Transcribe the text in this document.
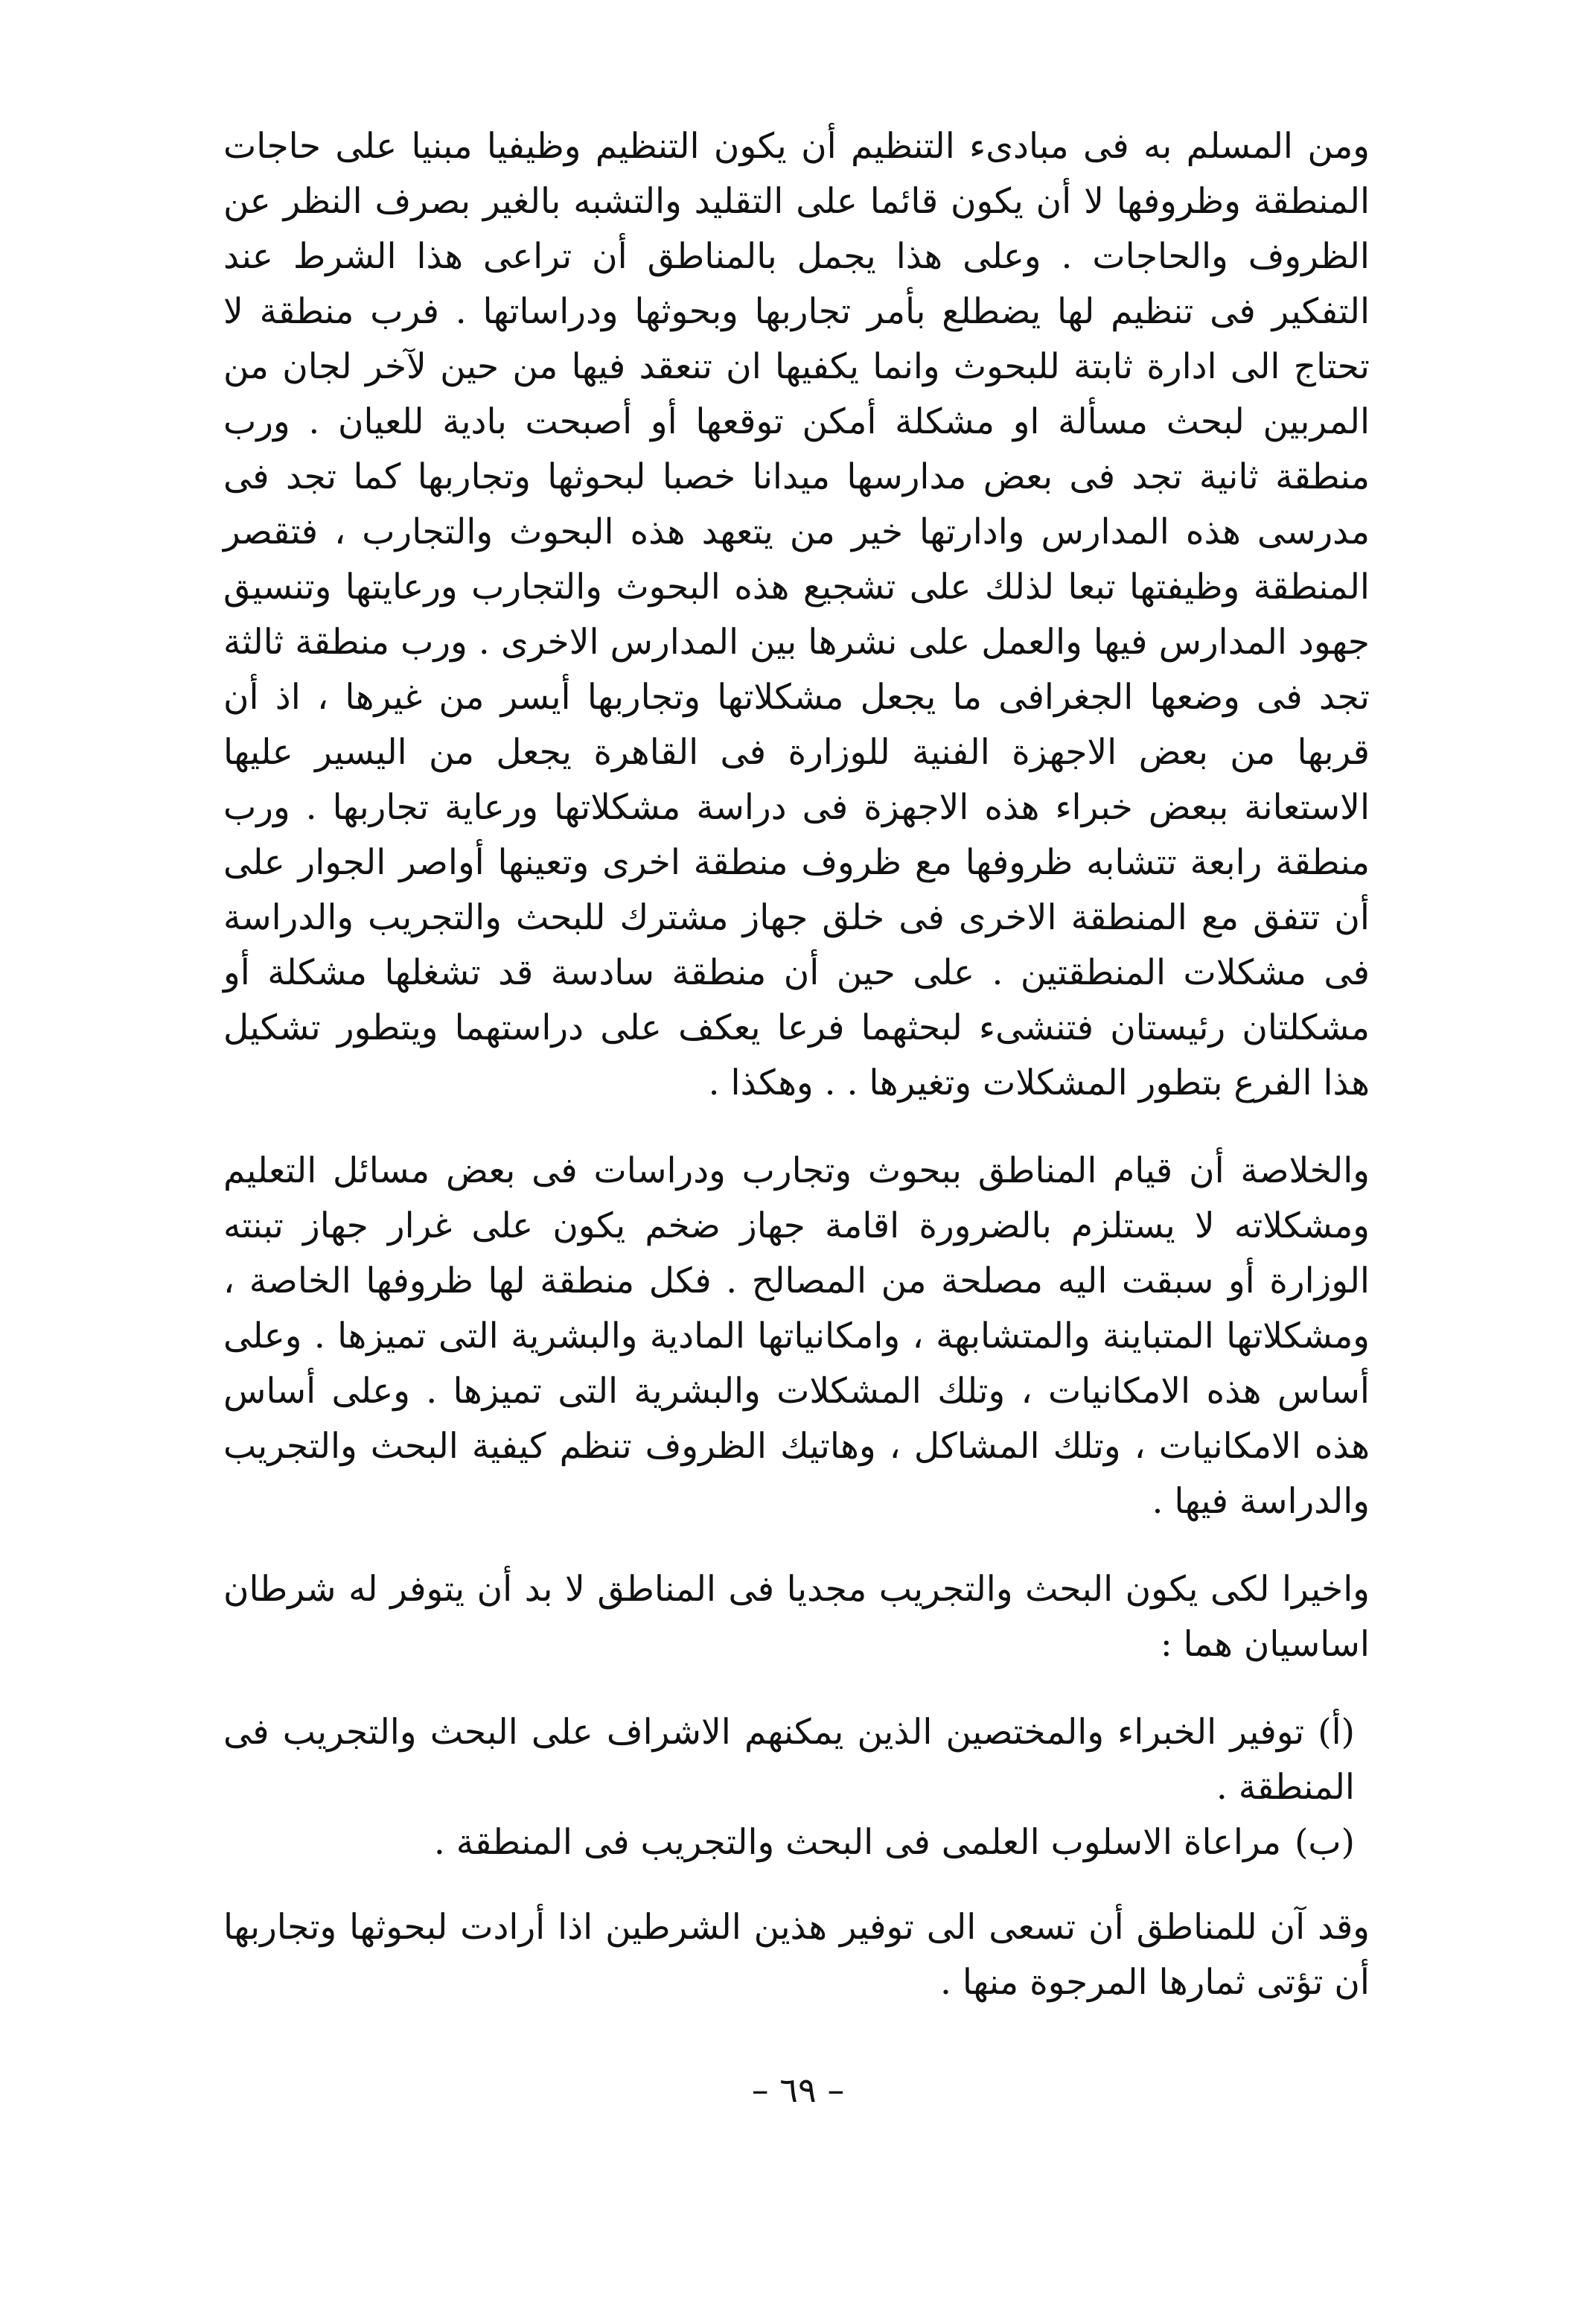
ومن المسلم به فى مبادىء التنظيم أن يكون التنظيم وظيفيا مبنيا على حاجات المنطقة وظروفها لا أن يكون قائما على التقليد والتشبه بالغير بصرف النظر عن الظروف والحاجات . وعلى هذا يجمل بالمناطق أن تراعى هذا الشرط عند التفكير فى تنظيم لها يضطلع بأمر تجاربها وبحوثها ودراساتها . فرب منطقة لا تحتاج الى ادارة ثابتة للبحوث وانما يكفيها ان تنعقد فيها من حين لآخر لجان من المربين لبحث مسألة او مشكلة أمكن توقعها أو أصبحت بادية للعيان . ورب منطقة ثانية تجد فى بعض مدارسها ميدانا خصبا لبحوثها وتجاربها كما تجد فى مدرسى هذه المدارس وادارتها خير من يتعهد هذه البحوث والتجارب ، فتقصر المنطقة وظيفتها تبعا لذلك على تشجيع هذه البحوث والتجارب ورعايتها وتنسيق جهود المدارس فيها والعمل على نشرها بين المدارس الاخرى . ورب منطقة ثالثة تجد فى وضعها الجغرافى ما يجعل مشكلاتها وتجاربها أيسر من غيرها ، اذ أن قربها من بعض الاجهزة الفنية للوزارة فى القاهرة يجعل من اليسير عليها الاستعانة ببعض خبراء هذه الاجهزة فى دراسة مشكلاتها ورعاية تجاربها . ورب منطقة رابعة تتشابه ظروفها مع ظروف منطقة اخرى وتعينها أواصر الجوار على أن تتفق مع المنطقة الاخرى فى خلق جهاز مشترك للبحث والتجريب والدراسة فى مشكلات المنطقتين . على حين أن منطقة سادسة قد تشغلها مشكلة أو مشكلتان رئيستان فتنشىء لبحثهما فرعا يعكف على دراستهما ويتطور تشكيل هذا الفرع بتطور المشكلات وتغيرها . . وهكذا .

والخلاصة أن قيام المناطق ببحوث وتجارب ودراسات فى بعض مسائل التعليم ومشكلاته لا يستلزم بالضرورة اقامة جهاز ضخم يكون على غرار جهاز تبنته الوزارة أو سبقت اليه مصلحة من المصالح . فكل منطقة لها ظروفها الخاصة ، ومشكلاتها المتباينة والمتشابهة ، وامكانياتها المادية والبشرية التى تميزها . وعلى أساس هذه الامكانيات ، وتلك المشكلات والبشرية التى تميزها . وعلى أساس هذه الامكانيات ، وتلك المشاكل ، وهاتيك الظروف تنظم كيفية البحث والتجريب والدراسة فيها .

واخيرا لكى يكون البحث والتجريب مجديا فى المناطق لا بد أن يتوفر له شرطان اساسيان هما :

(أ)توفير الخبراء والمختصين الذين يمكنهم الاشراف على البحث والتجريب فى المنطقة .
(ب)مراعاة الاسلوب العلمى فى البحث والتجريب فى المنطقة .

وقد آن للمناطق أن تسعى الى توفير هذين الشرطين اذا أرادت لبحوثها وتجاربها أن تؤتى ثمارها المرجوة منها .

– ٦٩ –
